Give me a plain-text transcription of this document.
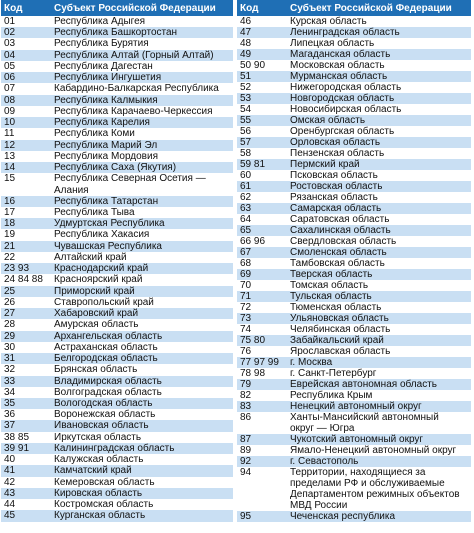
Код	Субъект Российской Федерации
01	Республика Адыгея
02	Республика Башкортостан
03	Республика Бурятия
04	Республика Алтай (Горный Алтай)
05	Республика Дагестан
06	Республика Ингушетия
07	Кабардино-Балкарская Республика
08	Республика Калмыкия
09	Республика Карачаево-Черкессия
10	Республика Карелия
11	Республика Коми
12	Республика Марий Эл
13	Республика Мордовия
14	Республика Саха (Якутия)
15	Республика Северная Осетия —
	Алания
16	Республика Татарстан
17	Республика Тыва
18	Удмуртская Республика
19	Республика Хакасия
21	Чувашская Республика
22	Алтайский край
23 93	Краснодарский край
24 84 88	Красноярский край
25	Приморский край
26	Ставропольский край
27	Хабаровский край
28	Амурская область
29	Архангельская область
30	Астраханская область
31	Белгородская область
32	Брянская область
33	Владимирская область
34	Волгоградская область
35	Вологодская область
36	Воронежская область
37	Ивановская область
38 85	Иркутская область
39 91	Калининградская область
40	Калужская область
41	Камчатский край
42	Кемеровская область
43	Кировская область
44	Костромская область
45	Курганская область
Код	Субъект Российской Федерации
46	Курская область
47	Ленинградская область
48	Липецкая область
49	Магаданская область
50 90	Московская область
51	Мурманская область
52	Нижегородская область
53	Новгородская область
54	Новосибирская область
55	Омская область
56	Оренбургская область
57	Орловская область
58	Пензенская область
59 81	Пермский край
60	Псковская область
61	Ростовская область
62	Рязанская область
63	Самарская область
64	Саратовская область
65	Сахалинская область
66 96	Свердловская область
67	Смоленская область
68	Тамбовская область
69	Тверская область
70	Томская область
71	Тульская область
72	Тюменская область
73	Ульяновская область
74	Челябинская область
75 80	Забайкальский край
76	Ярославская область
77 97 99	г. Москва
78 98	г. Санкт-Петербург
79	Еврейская автономная область
82	Республика Крым
83	Ненецкий автономный округ
86	Ханты-Мансийский автономный
	округ — Югра
87	Чукотский автономный округ
89	Ямало-Ненецкий автономный округ
92	г. Севастополь
94	Территории, находящиеся за
	пределами РФ и обслуживаемые
	Департаментом режимных объектов
	МВД России
95	Чеченская республика
